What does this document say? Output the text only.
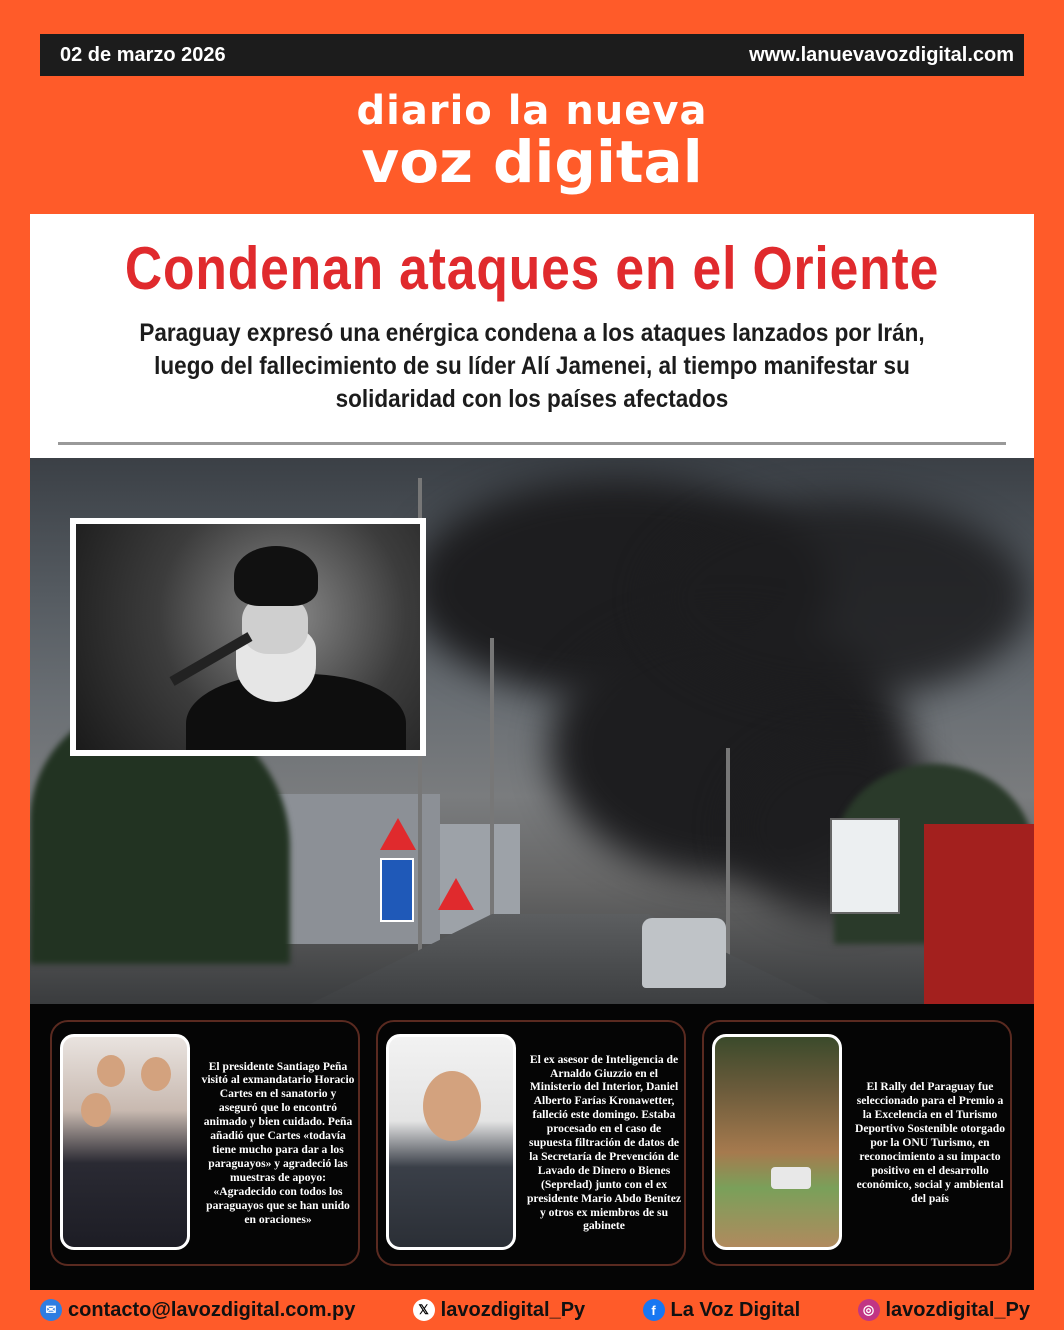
02 de marzo 2026	www.lanuevavozdigital.com
diario la nueva
voz digital
Condenan ataques en el Oriente
Paraguay expresó una enérgica condena a los ataques lanzados por Irán, luego del fallecimiento de su líder Alí Jamenei, al tiempo manifestar su solidaridad con los países afectados
El presidente Santiago Peña visitó al exmandatario Horacio Cartes en el sanatorio y aseguró que lo encontró animado y bien cuidado. Peña añadió que Cartes «todavía tiene mucho para dar a los paraguayos» y agradeció las muestras de apoyo: «Agradecido con todos los paraguayos que se han unido en oraciones»
El ex asesor de Inteligencia de Arnaldo Giuzzio en el Ministerio del Interior, Daniel Alberto Farías Kronawetter, falleció este domingo. Estaba procesado en el caso de supuesta filtración de datos de la Secretaría de Prevención de Lavado de Dinero o Bienes (Seprelad) junto con el ex presidente Mario Abdo Benítez y otros ex miembros de su gabinete
El Rally del Paraguay fue seleccionado para el Premio a la Excelencia en el Turismo Deportivo Sostenible otorgado por la ONU Turismo, en reconocimiento a su impacto positivo en el desarrollo económico, social y ambiental del país
✉ contacto@lavozdigital.com.py	𝕏 lavozdigital_Py	f La Voz Digital	◎ lavozdigital_Py
